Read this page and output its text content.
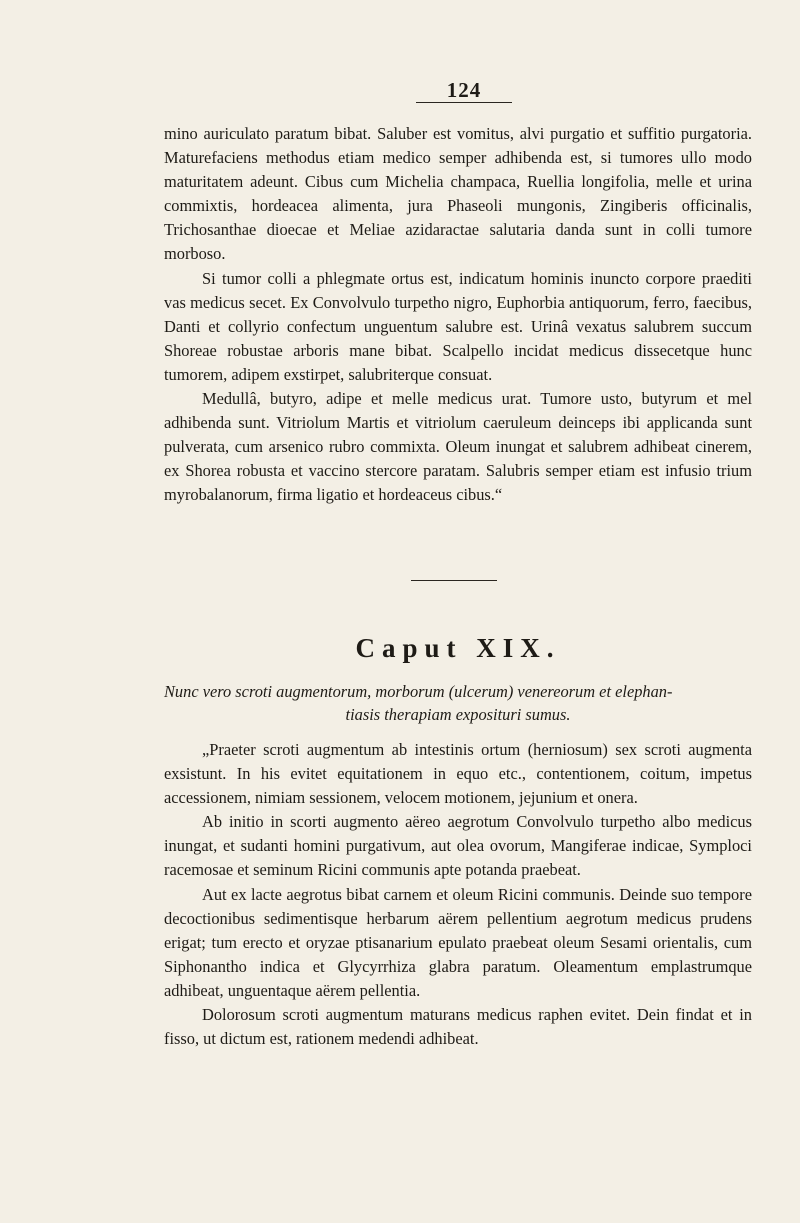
124

mino auriculato paratum bibat. Saluber est vomitus, alvi purgatio et suffitio purgatoria. Maturefaciens methodus etiam medico semper adhibenda est, si tumores ullo modo maturitatem adeunt. Cibus cum Michelia champaca, Ruellia longifolia, melle et urina commixtis, hordeacea alimenta, jura Phaseoli mungonis, Zingiberis officinalis, Trichosanthae dioecae et Meliae azidaractae salutaria danda sunt in colli tumore morboso.

Si tumor colli a phlegmate ortus est, indicatum hominis inuncto corpore praediti vas medicus secet. Ex Convolvulo turpetho nigro, Euphorbia antiquorum, ferro, faecibus, Danti et collyrio confectum unguentum salubre est. Urinâ vexatus salubrem succum Shoreae robustae arboris mane bibat. Scalpello incidat medicus dissecetque hunc tumorem, adipem exstirpet, salubriterque consuat.

Medullâ, butyro, adipe et melle medicus urat. Tumore usto, butyrum et mel adhibenda sunt. Vitriolum Martis et vitriolum caeruleum deinceps ibi applicanda sunt pulverata, cum arsenico rubro commixta. Oleum inungat et salubrem adhibeat cinerem, ex Shorea robusta et vaccino stercore paratam. Salubris semper etiam est infusio trium myrobalanorum, firma ligatio et hordeaceus cibus.“

Caput XIX.
Nunc vero scroti augmentorum, morborum (ulcerum) venereorum et elephan-
tiasis therapiam exposituri sumus.

„Praeter scroti augmentum ab intestinis ortum (herniosum) sex scroti augmenta exsistunt. In his evitet equitationem in equo etc., contentionem, coitum, impetus accessionem, nimiam sessionem, velocem motionem, jejunium et onera.

Ab initio in scorti augmento aëreo aegrotum Convolvulo turpetho albo medicus inungat, et sudanti homini purgativum, aut olea ovorum, Mangiferae indicae, Symploci racemosae et seminum Ricini communis apte potanda praebeat.

Aut ex lacte aegrotus bibat carnem et oleum Ricini communis. Deinde suo tempore decoctionibus sedimentisque herbarum aërem pellentium aegrotum medicus prudens erigat; tum erecto et oryzae ptisanarium epulato praebeat oleum Sesami orientalis, cum Siphonantho indica et Glycyrrhiza glabra paratum. Oleamentum emplastrumque adhibeat, unguentaque aërem pellentia.

Dolorosum scroti augmentum maturans medicus raphen evitet. Dein findat et in fisso, ut dictum est, rationem medendi adhibeat.
